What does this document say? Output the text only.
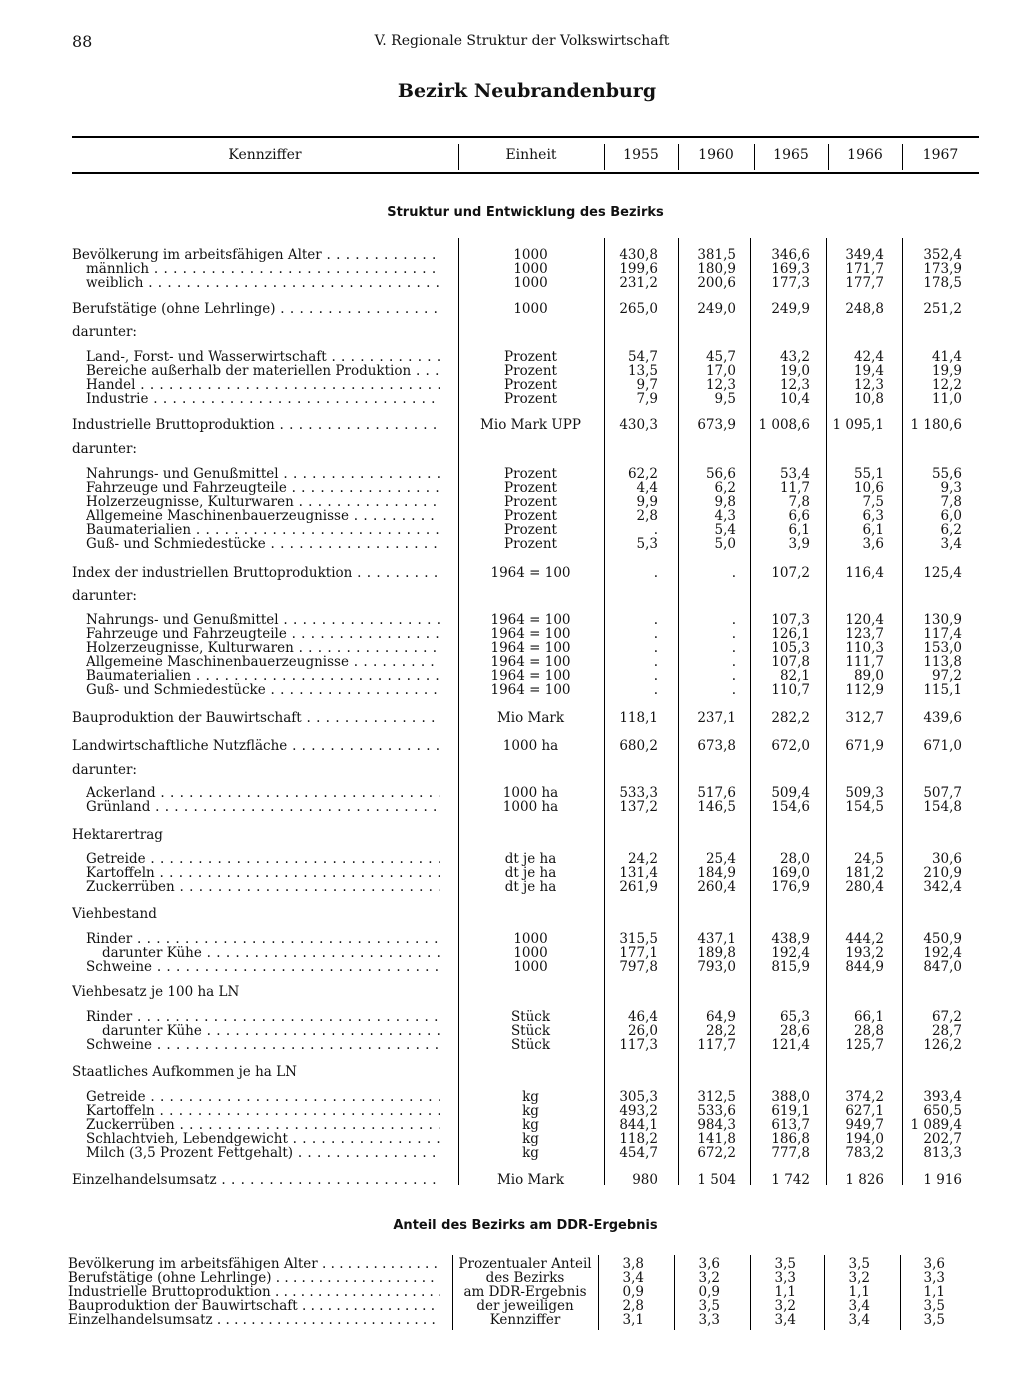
88	V. Regionale Struktur der Volkswirtschaft
Bezirk Neubrandenburg
Kennziffer	Einheit	1955	1960	1965	1966	1967
Struktur und Entwicklung des Bezirks
Bevölkerung im arbeitsfähigen Alter . . .	1000	430,8	381,5	346,6	349,4	352,4
männlich . . .	1000	199,6	180,9	169,3	171,7	173,9
weiblich . . .	1000	231,2	200,6	177,3	177,7	178,5
Berufstätige (ohne Lehrlinge) . . .	1000	265,0	249,0	249,9	248,8	251,2
darunter:
Land-, Forst- und Wasserwirtschaft . . .	Prozent	54,7	45,7	43,2	42,4	41,4
Bereiche außerhalb der materiellen Produktion . . .	Prozent	13,5	17,0	19,0	19,4	19,9
Handel . . .	Prozent	9,7	12,3	12,3	12,3	12,2
Industrie . . .	Prozent	7,9	9,5	10,4	10,8	11,0
Industrielle Bruttoproduktion . . .	Mio Mark UPP	430,3	673,9	1 008,6	1 095,1	1 180,6
darunter:
Nahrungs- und Genußmittel . . .	Prozent	62,2	56,6	53,4	55,1	55,6
Fahrzeuge und Fahrzeugteile . . .	Prozent	4,4	6,2	11,7	10,6	9,3
Holzerzeugnisse, Kulturwaren . . .	Prozent	9,9	9,8	7,8	7,5	7,8
Allgemeine Maschinenbauerzeugnisse . . .	Prozent	2,8	4,3	6,6	6,3	6,0
Baumaterialien . . .	Prozent	.	5,4	6,1	6,1	6,2
Guß- und Schmiedestücke . . .	Prozent	5,3	5,0	3,9	3,6	3,4
Index der industriellen Bruttoproduktion . . .	1964 = 100	.	.	107,2	116,4	125,4
darunter:
Nahrungs- und Genußmittel . . .	1964 = 100	.	.	107,3	120,4	130,9
Fahrzeuge und Fahrzeugteile . . .	1964 = 100	.	.	126,1	123,7	117,4
Holzerzeugnisse, Kulturwaren . . .	1964 = 100	.	.	105,3	110,3	153,0
Allgemeine Maschinenbauerzeugnisse . . .	1964 = 100	.	.	107,8	111,7	113,8
Baumaterialien . . .	1964 = 100	.	.	82,1	89,0	97,2
Guß- und Schmiedestücke . . .	1964 = 100	.	.	110,7	112,9	115,1
Bauproduktion der Bauwirtschaft . . .	Mio Mark	118,1	237,1	282,2	312,7	439,6
Landwirtschaftliche Nutzfläche . . .	1000 ha	680,2	673,8	672,0	671,9	671,0
darunter:
Ackerland . . .	1000 ha	533,3	517,6	509,4	509,3	507,7
Grünland . . .	1000 ha	137,2	146,5	154,6	154,5	154,8
Hektarertrag
Getreide . . .	dt je ha	24,2	25,4	28,0	24,5	30,6
Kartoffeln . . .	dt je ha	131,4	184,9	169,0	181,2	210,9
Zuckerrüben . . .	dt je ha	261,9	260,4	176,9	280,4	342,4
Viehbestand
Rinder . . .	1000	315,5	437,1	438,9	444,2	450,9
darunter Kühe . . .	1000	177,1	189,8	192,4	193,2	192,4
Schweine . . .	1000	797,8	793,0	815,9	844,9	847,0
Viehbesatz je 100 ha LN
Rinder . . .	Stück	46,4	64,9	65,3	66,1	67,2
darunter Kühe . . .	Stück	26,0	28,2	28,6	28,8	28,7
Schweine . . .	Stück	117,3	117,7	121,4	125,7	126,2
Staatliches Aufkommen je ha LN
Getreide . . .	kg	305,3	312,5	388,0	374,2	393,4
Kartoffeln . . .	kg	493,2	533,6	619,1	627,1	650,5
Zuckerrüben . . .	kg	844,1	984,3	613,7	949,7	1 089,4
Schlachtvieh, Lebendgewicht . . .	kg	118,2	141,8	186,8	194,0	202,7
Milch (3,5 Prozent Fettgehalt) . . .	kg	454,7	672,2	777,8	783,2	813,3
Einzelhandelsumsatz . . .	Mio Mark	980	1 504	1 742	1 826	1 916
Anteil des Bezirks am DDR-Ergebnis
Bevölkerung im arbeitsfähigen Alter . . .	Prozentualer Anteil	3,8	3,6	3,5	3,5	3,6
Berufstätige (ohne Lehrlinge) . . .	des Bezirks	3,4	3,2	3,3	3,2	3,3
Industrielle Bruttoproduktion . . .	am DDR-Ergebnis	0,9	0,9	1,1	1,1	1,1
Bauproduktion der Bauwirtschaft . . .	der jeweiligen	2,8	3,5	3,2	3,4	3,5
Einzelhandelsumsatz . . .	Kennziffer	3,1	3,3	3,4	3,4	3,5
